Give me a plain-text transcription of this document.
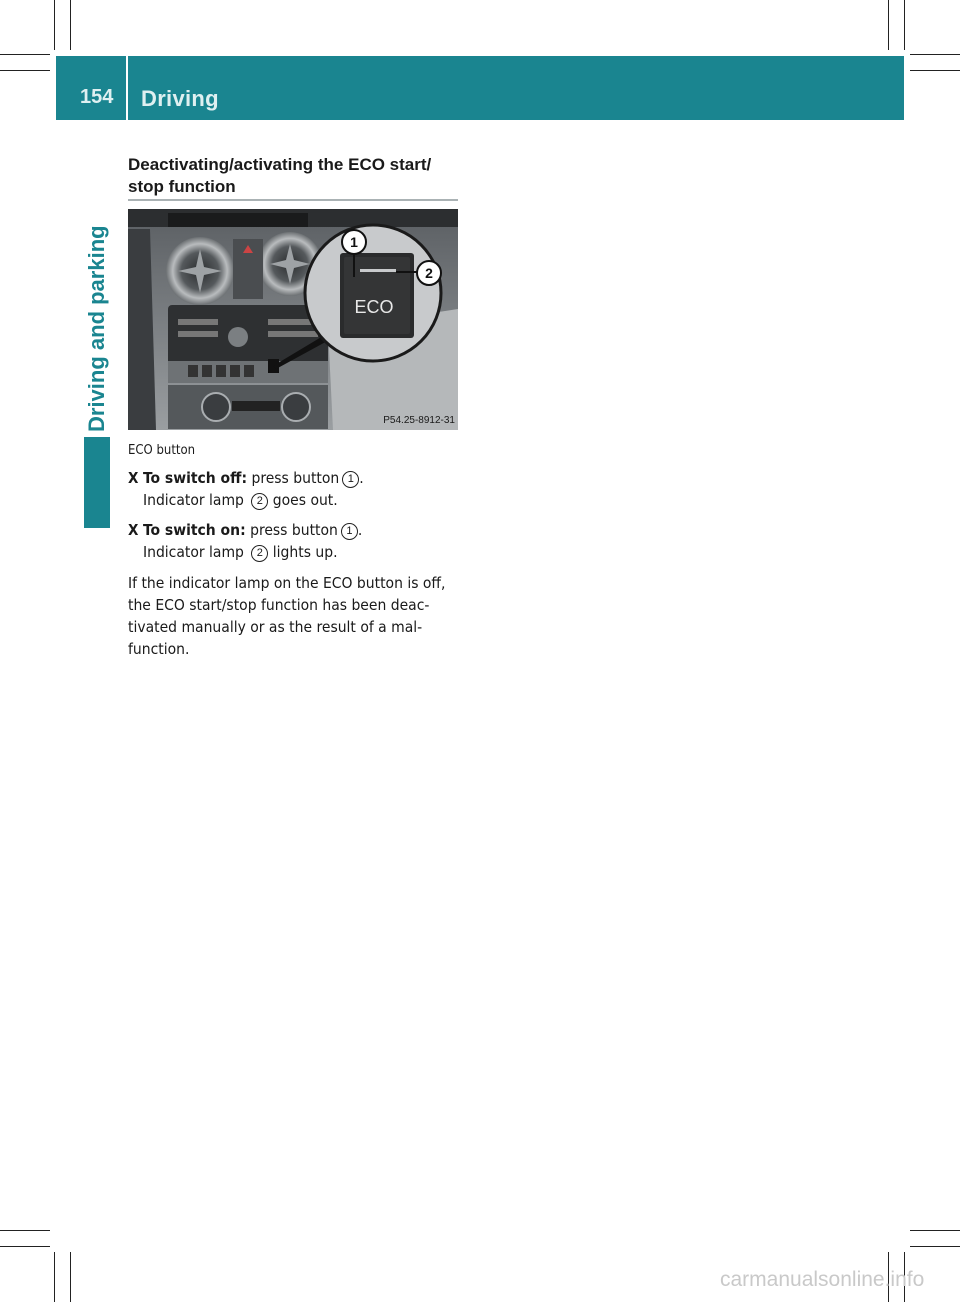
154 Driving
Driving and parking
Deactivating/activating the ECO start/ stop function
1
2
ECO
P54.25-8912-31
ECO button
X To switch off: press button 1 .
Indicator lamp 2 goes out.
X To switch on: press button 1 .
Indicator lamp 2 lights up.
If the indicator lamp on the ECO button is off,
the ECO start/stop function has been deac-
tivated manually or as the result of a mal-
function.
carmanualsonline.info
